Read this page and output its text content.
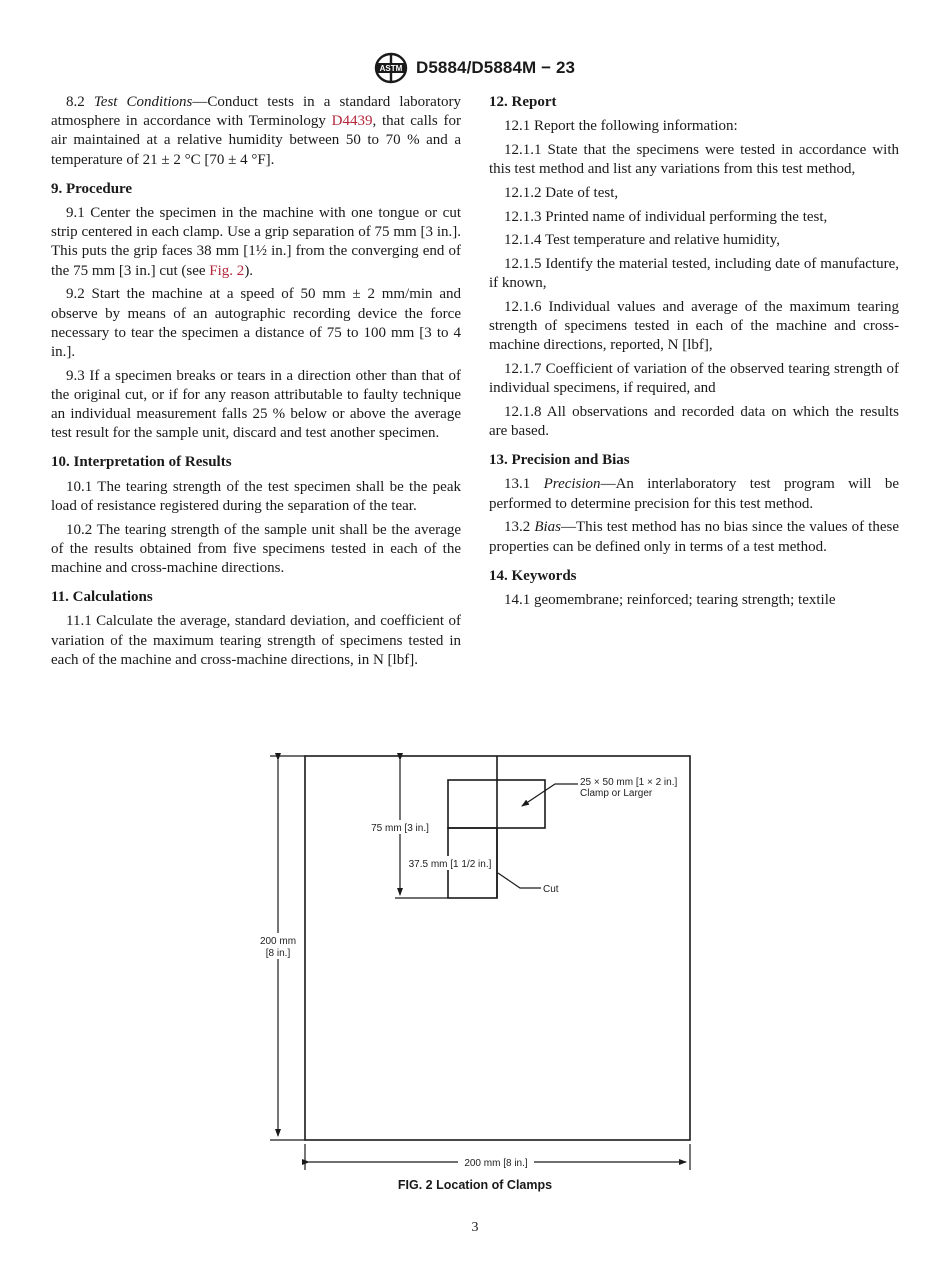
ASTM D5884/D5884M − 23

8.2 Test Conditions—Conduct tests in a standard laboratory atmosphere in accordance with Terminology D4439, that calls for air maintained at a relative humidity between 50 to 70 % and a temperature of 21 ± 2 °C [70 ± 4 °F].

9. Procedure

9.1 Center the specimen in the machine with one tongue or cut strip centered in each clamp. Use a grip separation of 75 mm [3 in.]. This puts the grip faces 38 mm [1½ in.] from the converging end of the 75 mm [3 in.] cut (see Fig. 2).

9.2 Start the machine at a speed of 50 mm ± 2 mm/min and observe by means of an autographic recording device the force necessary to tear the specimen a distance of 75 to 100 mm [3 to 4 in.].

9.3 If a specimen breaks or tears in a direction other than that of the original cut, or if for any reason attributable to faulty technique an individual measurement falls 25 % below or above the average test result for the sample unit, discard and test another specimen.

10. Interpretation of Results

10.1 The tearing strength of the test specimen shall be the peak load of resistance registered during the separation of the tear.

10.2 The tearing strength of the sample unit shall be the average of the results obtained from five specimens tested in each of the machine and cross-machine directions.

11. Calculations

11.1 Calculate the average, standard deviation, and coefficient of variation of the maximum tearing strength of specimens tested in each of the machine and cross-machine directions, in N [lbf].

12. Report

12.1 Report the following information:

12.1.1 State that the specimens were tested in accordance with this test method and list any variations from this test method,

12.1.2 Date of test,

12.1.3 Printed name of individual performing the test,

12.1.4 Test temperature and relative humidity,

12.1.5 Identify the material tested, including date of manufacture, if known,

12.1.6 Individual values and average of the maximum tearing strength of specimens tested in each of the machine and cross-machine directions, reported, N [lbf],

12.1.7 Coefficient of variation of the observed tearing strength of individual specimens, if required, and

12.1.8 All observations and recorded data on which the results are based.

13. Precision and Bias

13.1 Precision—An interlaboratory test program will be performed to determine precision for this test method.

13.2 Bias—This test method has no bias since the values of these properties can be defined only in terms of a test method.

14. Keywords

14.1 geomembrane; reinforced; tearing strength; textile

75 mm [3 in.]
37.5 mm [1 1/2 in.]
25 × 50 mm [1 × 2 in.]
Clamp or Larger
Cut
200 mm
[8 in.]
200 mm [8 in.]
FIG. 2 Location of Clamps
3
